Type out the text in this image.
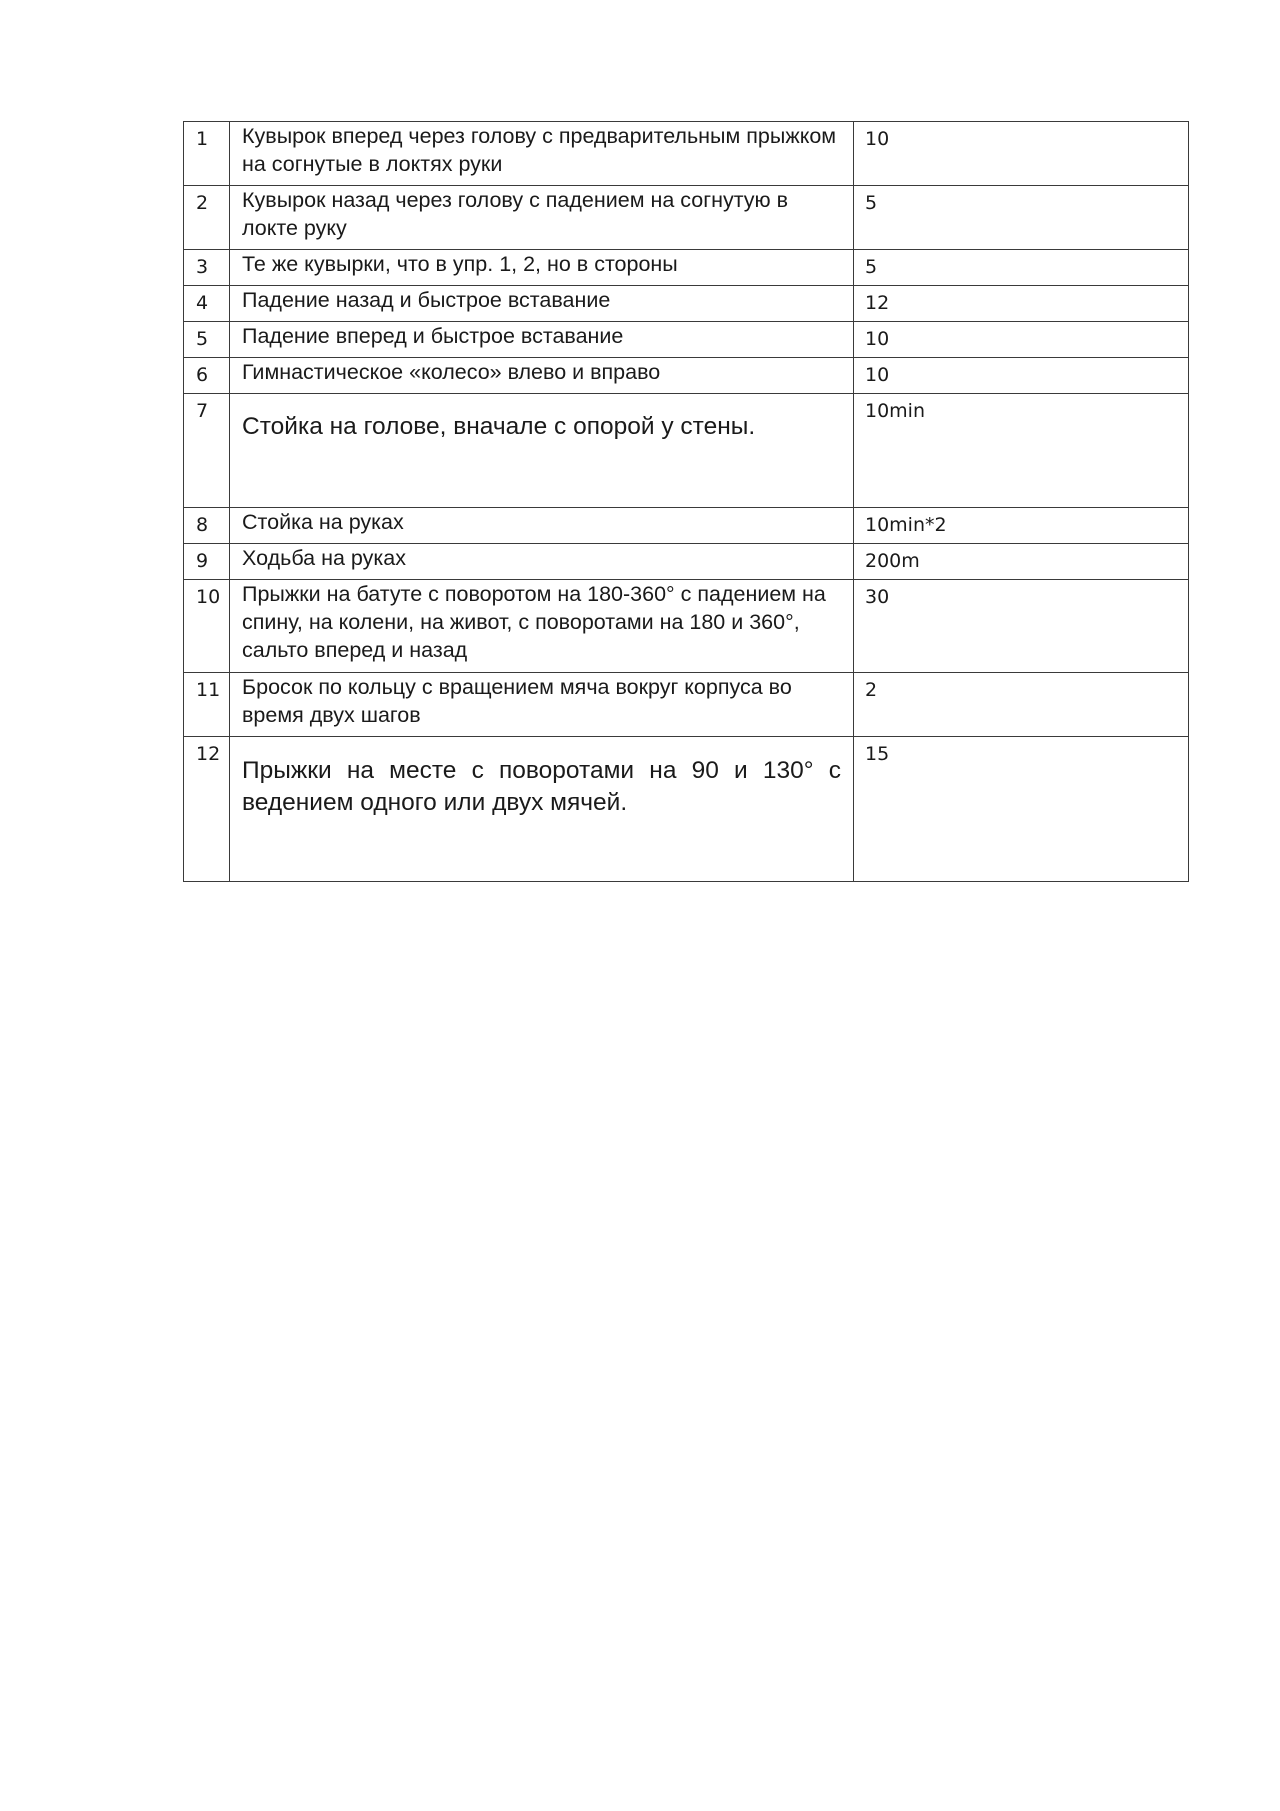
1	Кувырок вперед через голову с предварительным прыжком на согнутые в локтях руки	10
2	Кувырок назад через голову с падением на согнутую в локте руку	5
3	Те же кувырки, что в упр. 1, 2, но в стороны	5
4	Падение назад и быстрое вставание	12
5	Падение вперед и быстрое вставание	10
6	Гимнастическое «колесо» влево и вправо	10
7	Стойка на голове, вначале с опорой у стены.	10min
8	Стойка на руках	10min*2
9	Ходьба на руках	200m
10	Прыжки на батуте с поворотом на 180-360° с падением на спину, на колени, на живот, с поворотами на 180 и 360°, сальто вперед и назад	30
11	Бросок по кольцу с вращением мяча вокруг корпуса во время двух шагов	2
12	Прыжки на месте с поворотами на 90 и 130° с ведением одного или двух мячей.	15
